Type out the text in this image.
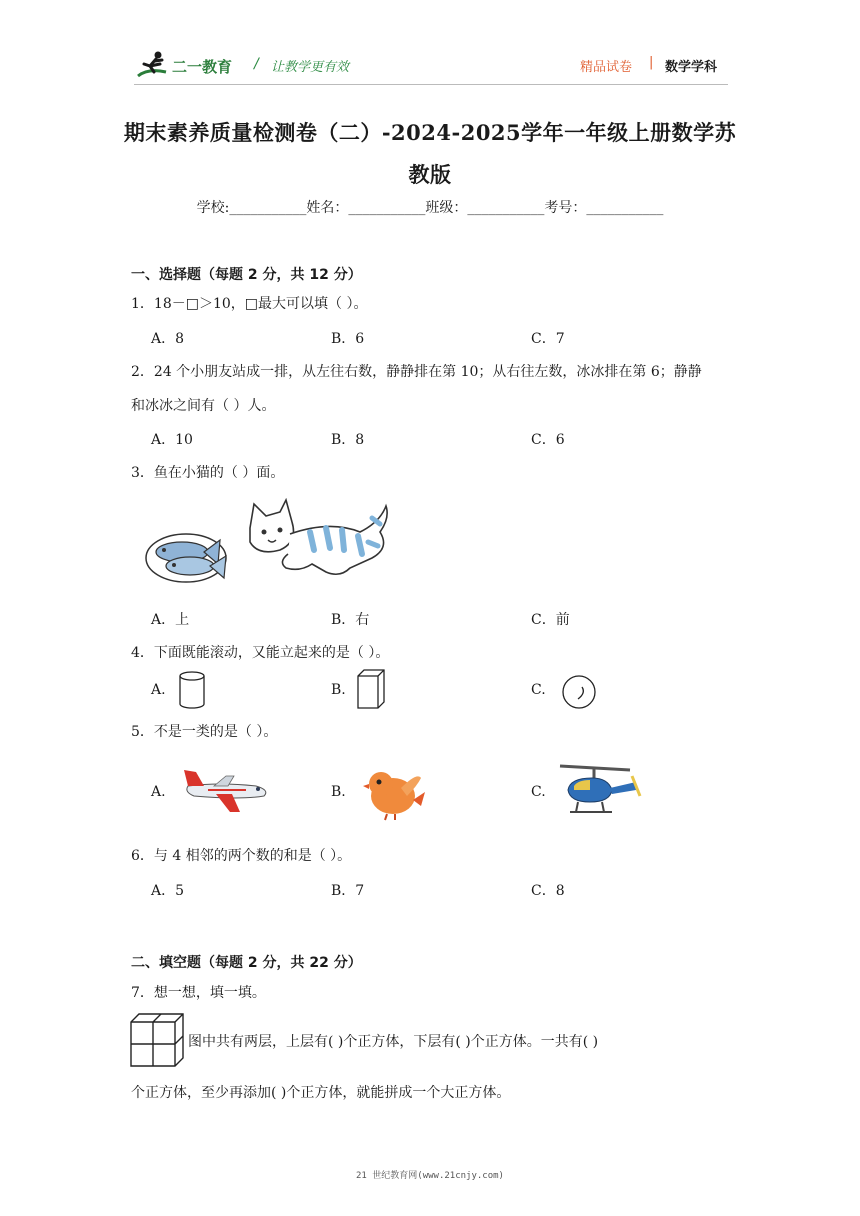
二一教育 / 让教学更有效	精品试卷 | 数学学科
期末素养质量检测卷（二）-2024-2025学年一年级上册数学苏
教版
学校:___________姓名：___________班级：___________考号：___________
一、选择题（每题 2 分，共 12 分）
1．18－□＞10，□最大可以填（ ）。
A．8	B．6	C．7
2．24 个小朋友站成一排，从左往右数，静静排在第 10；从右往左数，冰冰排在第 6；静静
和冰冰之间有（ ）人。
A．10	B．8	C．6
3．鱼在小猫的（ ）面。
A．上	B．右	C．前
4．下面既能滚动，又能立起来的是（ ）。
A.	B.	C.
5．不是一类的是（ ）。
A.	B.	C.
6．与 4 相邻的两个数的和是（ ）。
A．5	B．7	C．8
二、填空题（每题 2 分，共 22 分）
7．想一想，填一填。
图中共有两层，上层有( )个正方体，下层有( )个正方体。一共有( )
个正方体，至少再添加( )个正方体，就能拼成一个大正方体。
21 世纪教育网(www.21cnjy.com)
